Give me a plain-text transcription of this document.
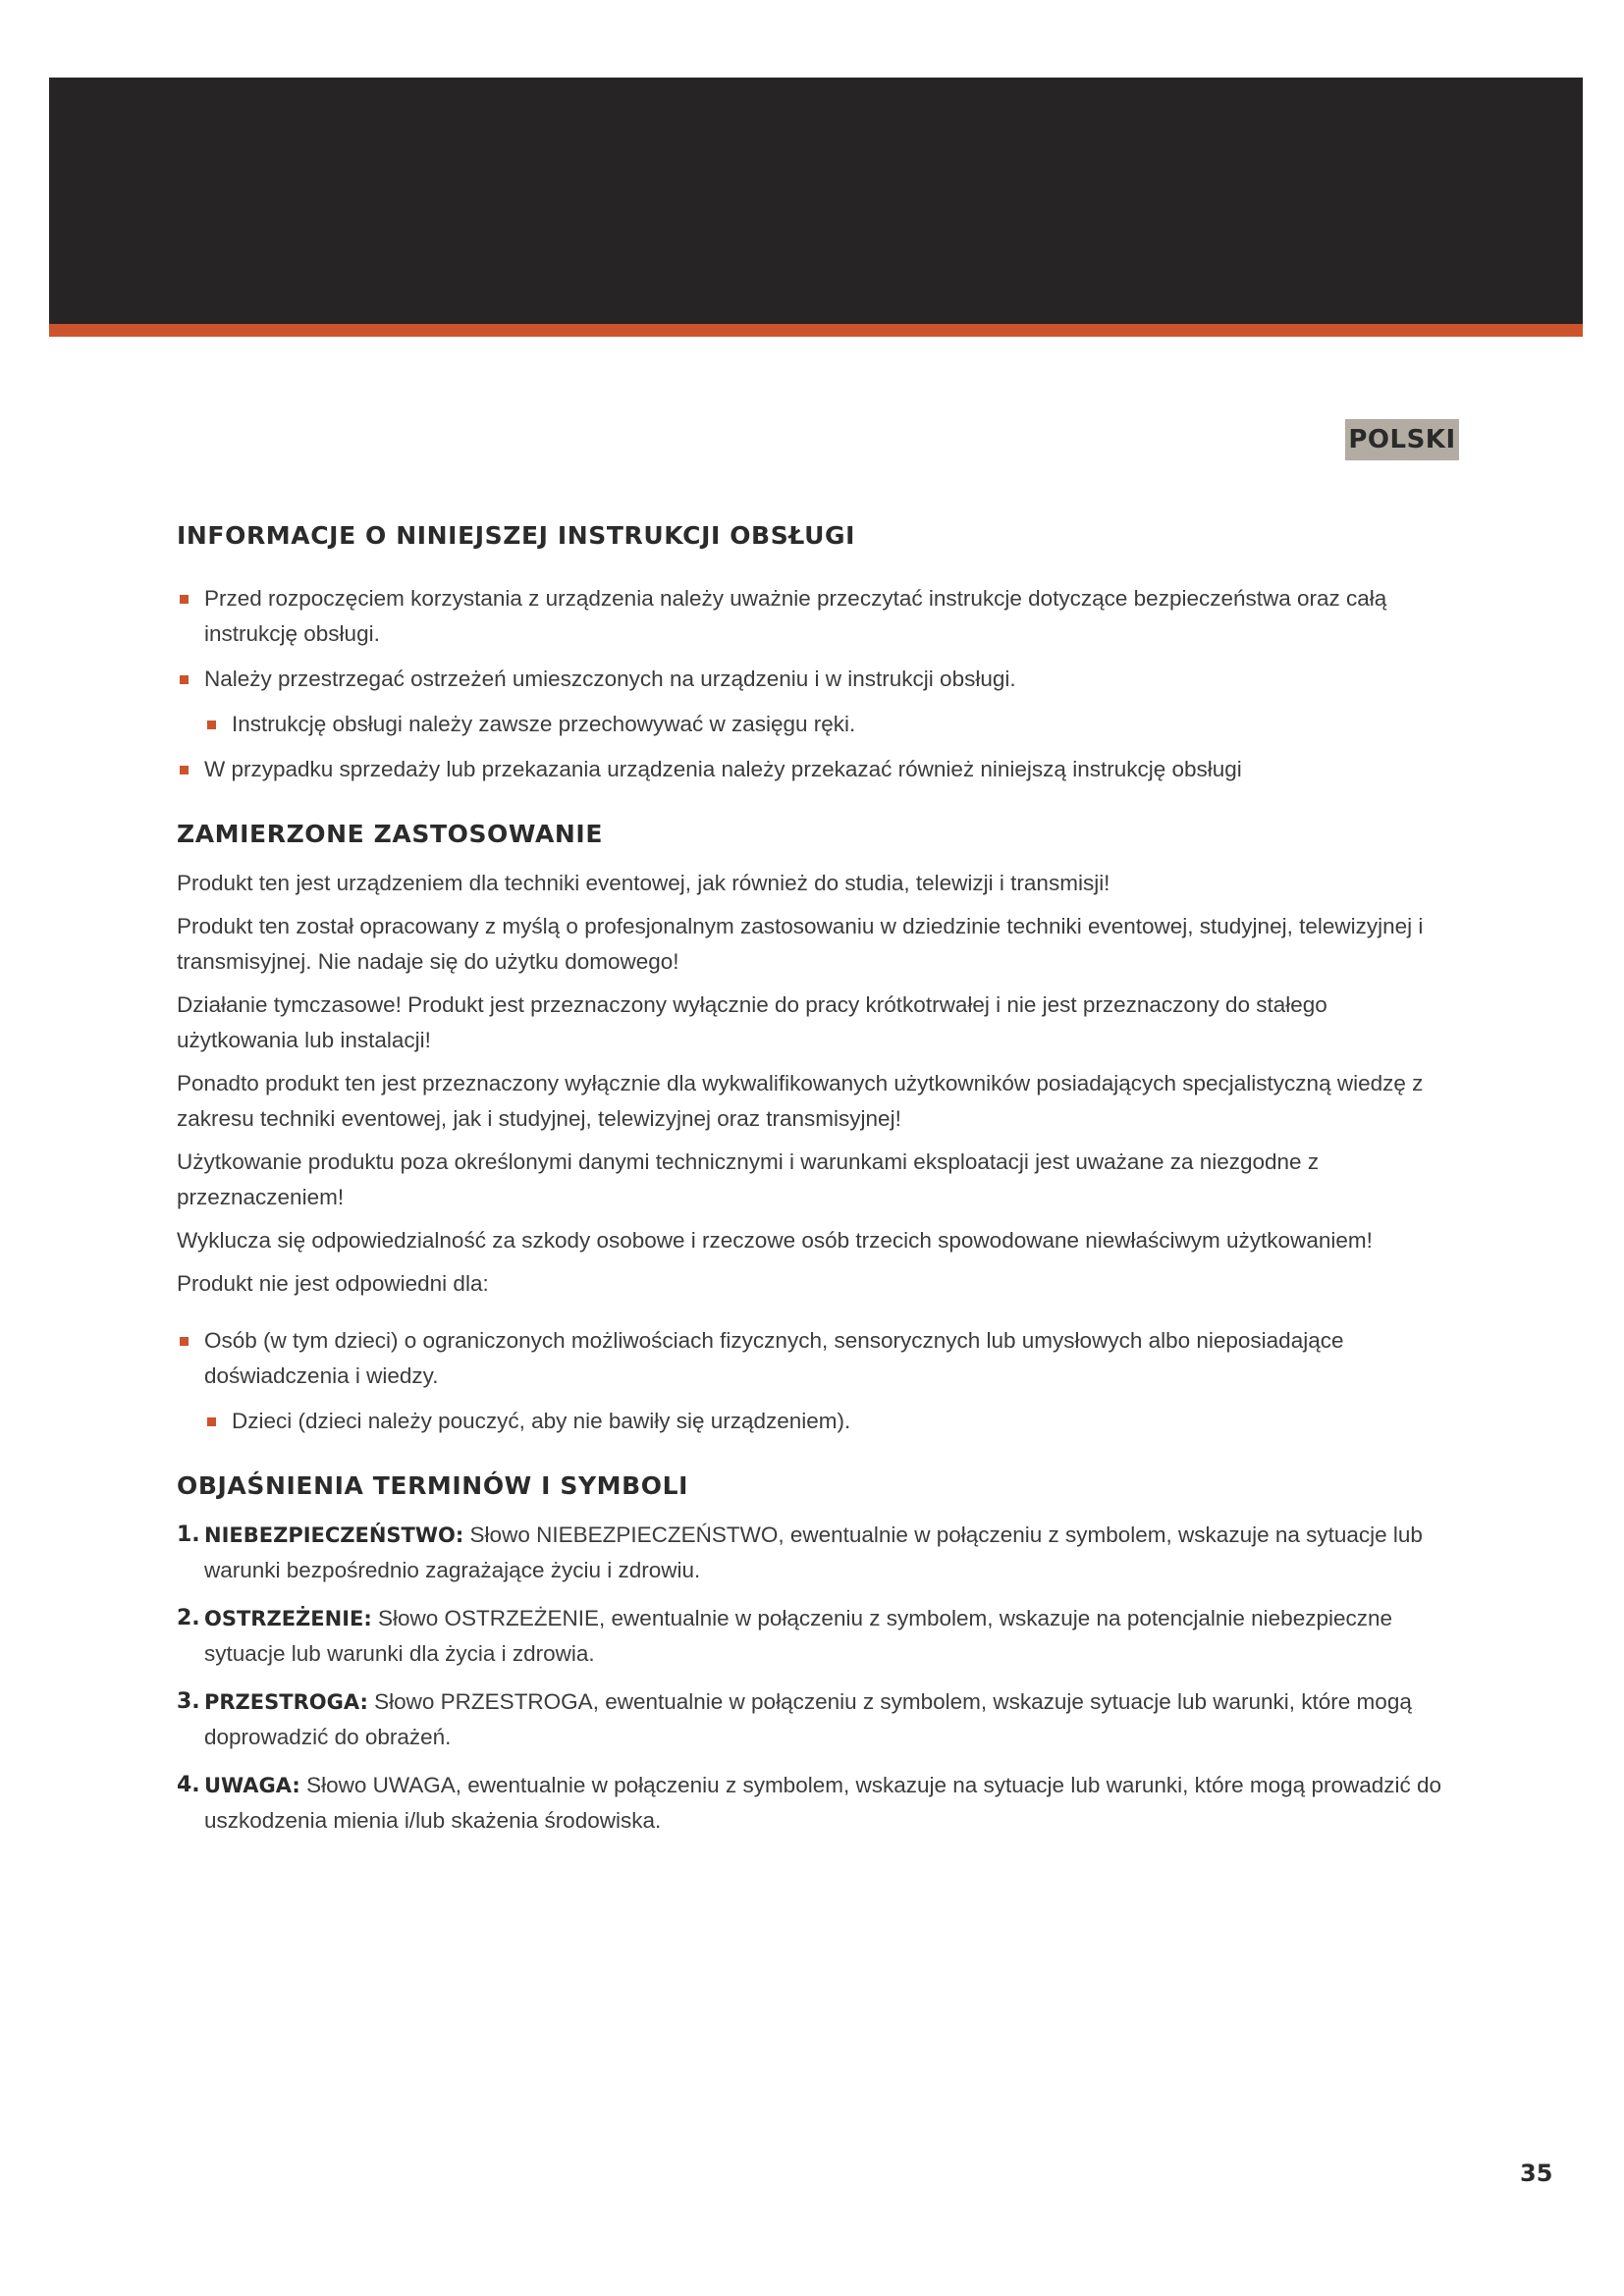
POLSKI
INFORMACJE O NINIEJSZEJ INSTRUKCJI OBSŁUGI
Przed rozpoczęciem korzystania z urządzenia należy uważnie przeczytać instrukcje dotyczące bezpieczeństwa oraz całą instrukcję obsługi.
Należy przestrzegać ostrzeżeń umieszczonych na urządzeniu i w instrukcji obsługi.
Instrukcję obsługi należy zawsze przechowywać w zasięgu ręki.
W przypadku sprzedaży lub przekazania urządzenia należy przekazać również niniejszą instrukcję obsługi
ZAMIERZONE ZASTOSOWANIE

Produkt ten jest urządzeniem dla techniki eventowej, jak również do studia, telewizji i transmisji!

Produkt ten został opracowany z myślą o profesjonalnym zastosowaniu w dziedzinie techniki eventowej, studyjnej, telewizyjnej i transmisyjnej. Nie nadaje się do użytku domowego!

Działanie tymczasowe! Produkt jest przeznaczony wyłącznie do pracy krótkotrwałej i nie jest przeznaczony do stałego użytkowania lub instalacji!

Ponadto produkt ten jest przeznaczony wyłącznie dla wykwalifikowanych użytkowników posiadających specjalistyczną wiedzę z zakresu techniki eventowej, jak i studyjnej, telewizyjnej oraz transmisyjnej!

Użytkowanie produktu poza określonymi danymi technicznymi i warunkami eksploatacji jest uważane za niezgodne z przeznaczeniem!

Wyklucza się odpowiedzialność za szkody osobowe i rzeczowe osób trzecich spowodowane niewłaściwym użytkowaniem!

Produkt nie jest odpowiedni dla:

Osób (w tym dzieci) o ograniczonych możliwościach fizycznych, sensorycznych lub umysłowych albo nieposiadające doświadczenia i wiedzy.
Dzieci (dzieci należy pouczyć, aby nie bawiły się urządzeniem).
OBJAŚNIENIA TERMINÓW I SYMBOLI
1. NIEBEZPIECZEŃSTWO: Słowo NIEBEZPIECZEŃSTWO, ewentualnie w połączeniu z symbolem, wskazuje na sytuacje lub warunki bezpośrednio zagrażające życiu i zdrowiu.
2. OSTRZEŻENIE: Słowo OSTRZEŻENIE, ewentualnie w połączeniu z symbolem, wskazuje na potencjalnie niebezpieczne sytuacje lub warunki dla życia i zdrowia.
3. PRZESTROGA: Słowo PRZESTROGA, ewentualnie w połączeniu z symbolem, wskazuje sytuacje lub warunki, które mogą doprowadzić do obrażeń.
4. UWAGA: Słowo UWAGA, ewentualnie w połączeniu z symbolem, wskazuje na sytuacje lub warunki, które mogą prowadzić do uszkodzenia mienia i/lub skażenia środowiska.
35
